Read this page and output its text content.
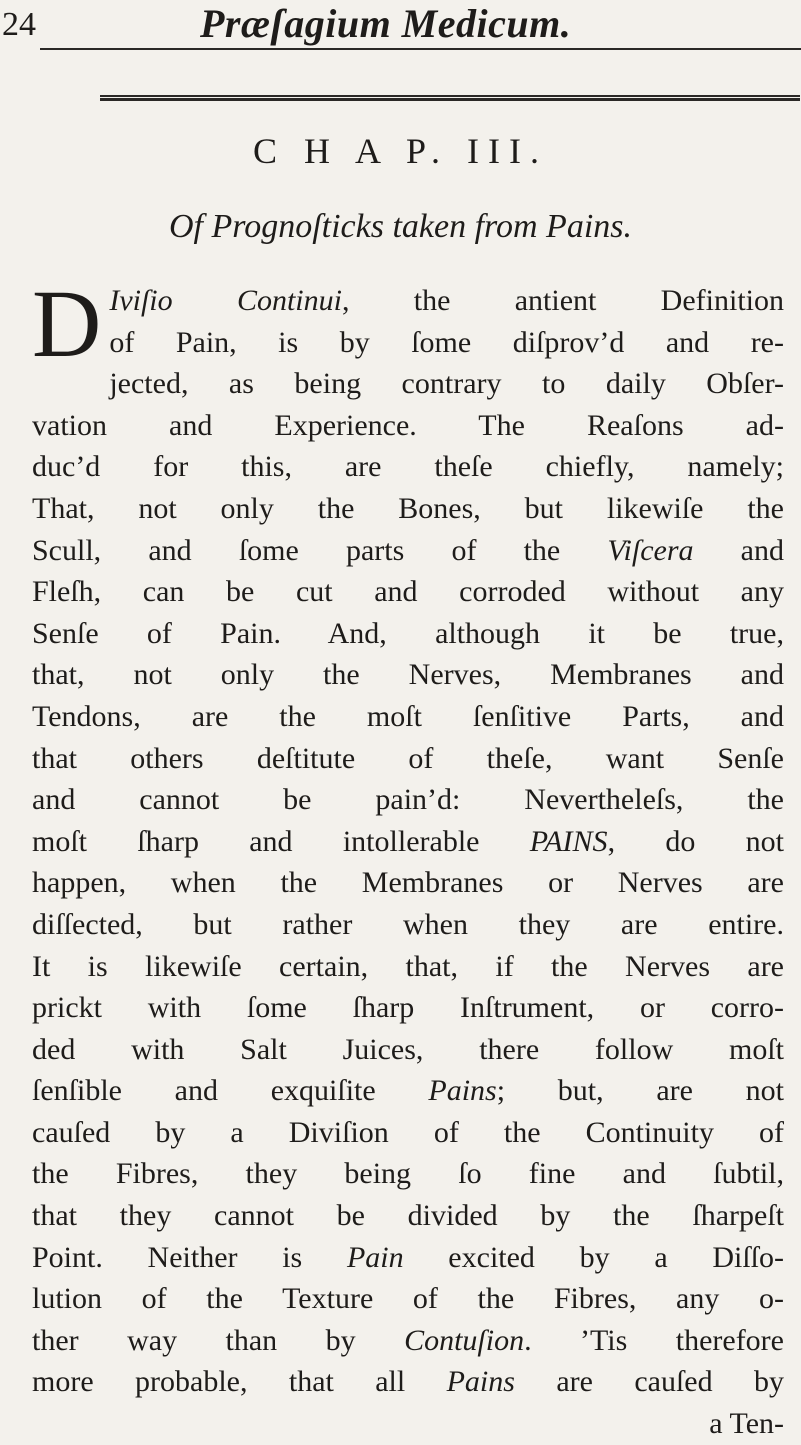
24	Præſagium Medicum.
C H A P. III.
Of Prognoſticks taken from Pains.
D Iviſio Continui, the antient Definition
of Pain, is by ſome diſprov’d and re-
jected, as being contrary to daily Obſer-
vation and Experience. The Reaſons ad-
duc’d for this, are theſe chiefly, namely;
That, not only the Bones, but likewiſe the
Scull, and ſome parts of the Viſcera and
Fleſh, can be cut and corroded without any
Senſe of Pain. And, although it be true,
that, not only the Nerves, Membranes and
Tendons, are the moſt ſenſitive Parts, and
that others deſtitute of theſe, want Senſe
and cannot be pain’d: Nevertheleſs, the
moſt ſharp and intollerable PAINS, do not
happen, when the Membranes or Nerves are
diſſected, but rather when they are entire.
It is likewiſe certain, that, if the Nerves are
prickt with ſome ſharp Inſtrument, or corro-
ded with Salt Juices, there follow moſt
ſenſible and exquiſite Pains; but, are not
cauſed by a Diviſion of the Continuity of
the Fibres, they being ſo fine and ſubtil,
that they cannot be divided by the ſharpeſt
Point. Neither is Pain excited by a Diſſo-
lution of the Texture of the Fibres, any o-
ther way than by Contuſion. ’Tis therefore
more probable, that all Pains are cauſed by
a Ten-
